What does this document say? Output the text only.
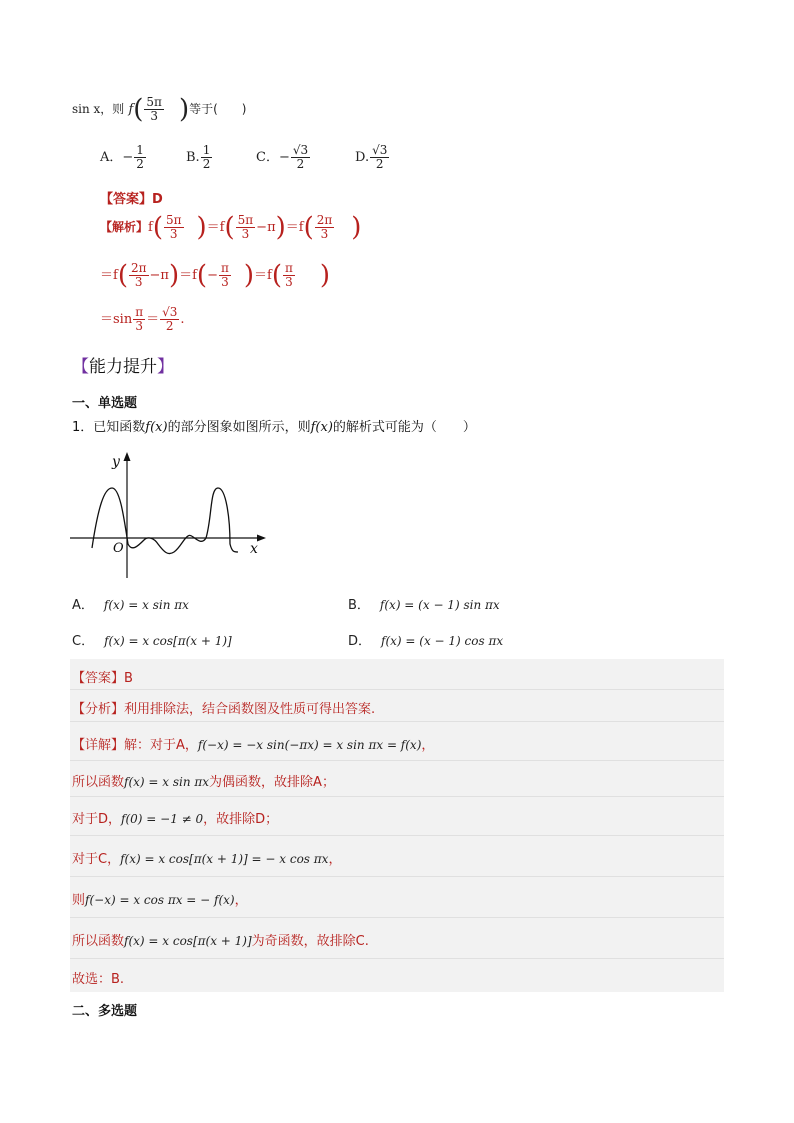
sin x，则 $f( \frac{5\pi}{3}$ )等于(　　)
A．− $\frac{1}{2}$	B. $\frac{1}{2}$	C．− $\frac{√3}{2}$	D. $\frac{√3}{2}$
【答案】D
【解析】$f( \frac{5\pi}{3} )=f( \frac{5\pi}{3} -\pi)=f( \frac{2\pi}{3}$ )
$=f( \frac{2\pi}{3} -\pi)=f(- \frac{\pi}{3} )=f( \frac{\pi}{3}$ )
$=\sin \frac{\pi}{3} = \frac{√3}{2}$ .
【能力提升】
一、单选题
1．已知函数f(x)的部分图象如图所示，则f(x)的解析式可能为（　　）
y
x
O
A． f(x) = x sin πx	B． f(x) = (x − 1) sin πx
C． f(x) = x cos[π(x + 1)]	D． f(x) = (x − 1) cos πx
【答案】B
【分析】利用排除法，结合函数图及性质可得出答案.
【详解】解：对于A，f(−x) = −x sin(−πx) = x sin πx = f(x)，
所以函数f(x) = x sin πx为偶函数，故排除A；
对于D，f(0) = −1 ≠ 0，故排除D；
对于C，f(x) = x cos[π(x + 1)] = − x cos πx，
则f(−x) = x cos πx = − f(x)，
所以函数f(x) = x cos[π(x + 1)]为奇函数，故排除C.
故选：B.
二、多选题
